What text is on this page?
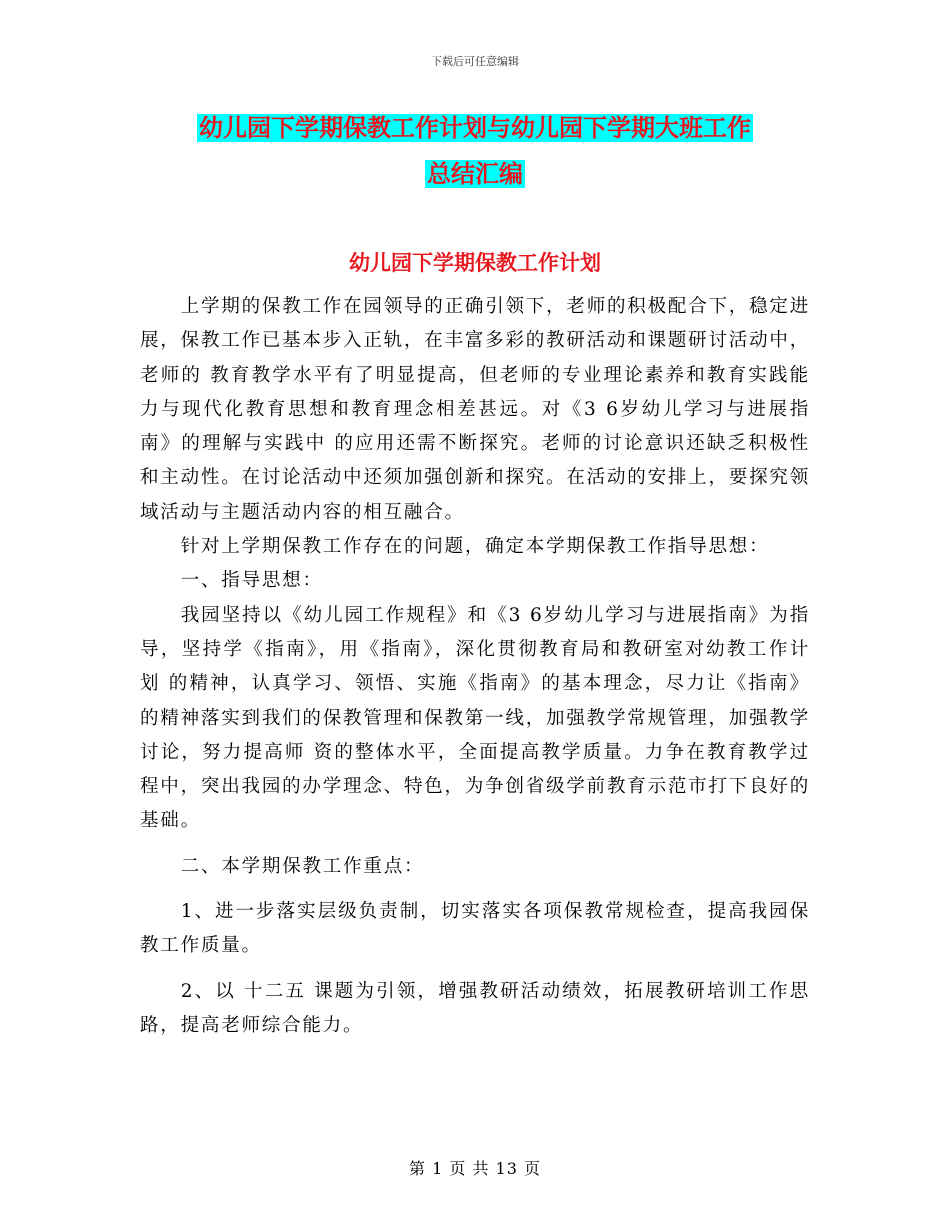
下载后可任意编辑
幼儿园下学期保教工作计划与幼儿园下学期大班工作
总结汇编
幼儿园下学期保教工作计划

上学期的保教工作在园领导的正确引领下，老师的积极配合下，稳定进展，保教工作已基本步入正轨，在丰富多彩的教研活动和课题研讨活动中，老师的 教育教学水平有了明显提高，但老师的专业理论素养和教育实践能力与现代化教育思想和教育理念相差甚远。对《3 6岁幼儿学习与进展指南》的理解与实践中 的应用还需不断探究。老师的讨论意识还缺乏积极性和主动性。在讨论活动中还须加强创新和探究。在活动的安排上，要探究领域活动与主题活动内容的相互融合。

针对上学期保教工作存在的问题，确定本学期保教工作指导思想：

一、指导思想：

我园坚持以《幼儿园工作规程》和《3 6岁幼儿学习与进展指南》为指导，坚持学《指南》，用《指南》，深化贯彻教育局和教研室对幼教工作计划 的精神，认真学习、领悟、实施《指南》的基本理念，尽力让《指南》的精神落实到我们的保教管理和保教第一线，加强教学常规管理，加强教学讨论，努力提高师 资的整体水平，全面提高教学质量。力争在教育教学过程中，突出我园的办学理念、特色，为争创省级学前教育示范市打下良好的基础。

二、本学期保教工作重点：

1、进一步落实层级负责制，切实落实各项保教常规检查，提高我园保教工作质量。

2、以 十二五 课题为引领，增强教研活动绩效，拓展教研培训工作思路，提高老师综合能力。

第 1 页 共 13 页
